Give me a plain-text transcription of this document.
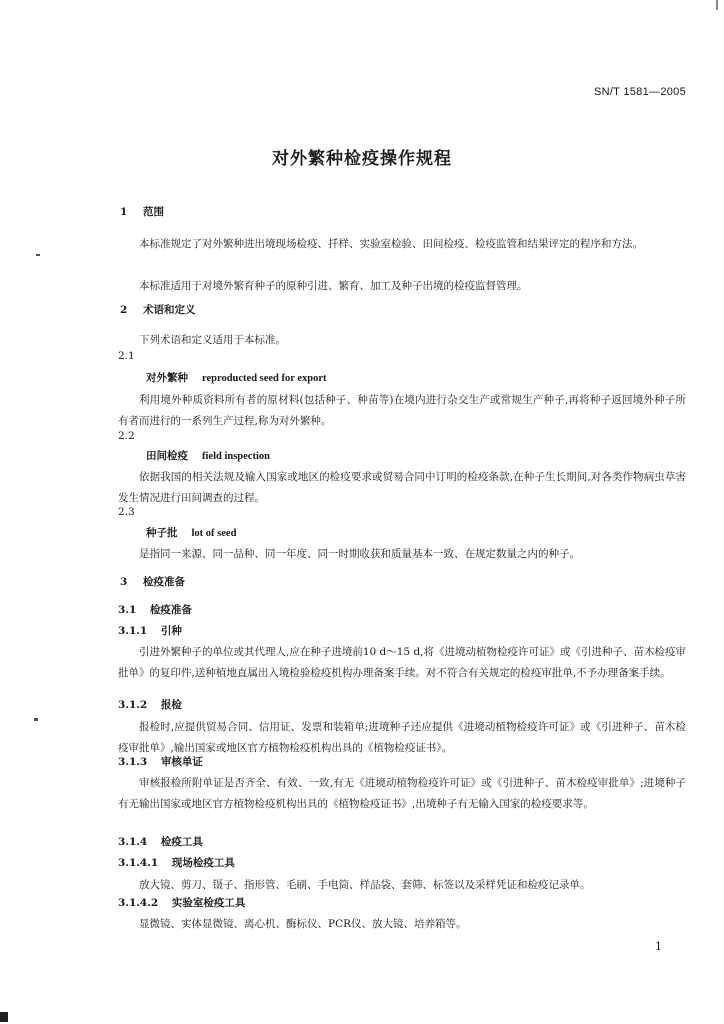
SN/T 1581—2005
对外繁种检疫操作规程
1 范围
本标准规定了对外繁种进出境现场检疫、扦样、实验室检验、田间检疫、检疫监管和结果评定的程序和方法。
本标准适用于对境外繁育种子的原种引进、繁育、加工及种子出境的检疫监督管理。
2 术语和定义
下列术语和定义适用于本标准。
2.1
对外繁种 reproducted seed for export
利用境外种质资料所有者的原材料(包括种子、种苗等)在境内进行杂交生产或常规生产种子,再将种子返回境外种子所有者而进行的一系列生产过程,称为对外繁种。
2.2
田间检疫 field inspection
依据我国的相关法规及输入国家或地区的检疫要求或贸易合同中订明的检疫条款,在种子生长期间,对各类作物病虫草害发生情况进行田间调查的过程。
2.3
种子批 lot of seed
是指同一来源、同一品种、同一年度、同一时期收获和质量基本一致、在规定数量之内的种子。
3 检疫准备
3.1 检疫准备
3.1.1 引种
引进外繁种子的单位或其代理人,应在种子进境前10 d～15 d,将《进境动植物检疫许可证》或《引进种子、苗木检疫审批单》的复印件,送种植地直属出入境检验检疫机构办理备案手续。对不符合有关规定的检疫审批单,不予办理备案手续。
3.1.2 报检
报检时,应提供贸易合同、信用证、发票和装箱单;进境种子还应提供《进境动植物检疫许可证》或《引进种子、苗木检疫审批单》,输出国家或地区官方植物检疫机构出具的《植物检疫证书》。
3.1.3 审核单证
审核报检所附单证是否齐全、有效、一致,有无《进境动植物检疫许可证》或《引进种子、苗木检疫审批单》;进境种子有无输出国家或地区官方植物检疫机构出具的《植物检疫证书》,出境种子有无输入国家的检疫要求等。
3.1.4 检疫工具
3.1.4.1 现场检疫工具
放大镜、剪刀、镊子、指形管、毛刷、手电筒、样品袋、套筛、标签以及采样凭证和检疫记录单。
3.1.4.2 实验室检疫工具
显微镜、实体显微镜、离心机、酶标仪、PCR仪、放大镜、培养箱等。
1
